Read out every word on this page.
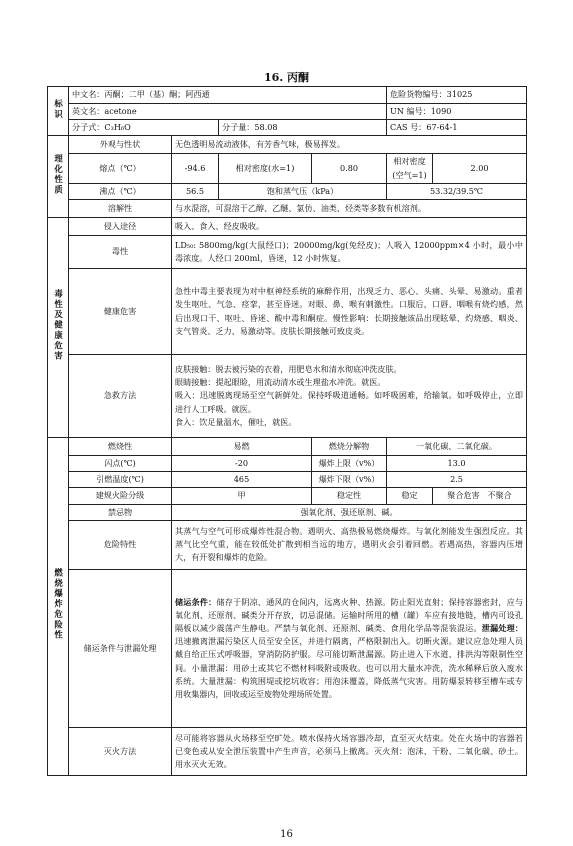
16. 丙酮
标识	中文名：丙酮；二甲（基）酮；阿西通				危险货物编号：31025	
	英文名：acetone				UN 编号：1090	
	分子式：C₃H₆O		分子量：58.08		CAS 号：67-64-1	
理化性质	外观与性状	无色透明易流动液体，有芳香气味，极易挥发。				
	熔点（℃）	-94.6	相对密度(水=1)	0.80	相对密度(空气=1)	2.00
	沸点（℃）	56.5	饱和蒸气压（kPa）		53.32/39.5℃	
	溶解性	与水混溶，可混溶于乙醇、乙醚、氯仿、油类、烃类等多数有机溶剂。				
毒性及健康危害	侵入途径	吸入、食入、经皮吸收。				
	毒性	LD₅₀: 5800mg/kg(大鼠经口)；20000mg/kg(兔经皮)；人吸入 12000ppm×4 小时，最小中毒浓度。人经口 200ml，昏迷，12 小时恢复。				
	健康危害	急性中毒主要表现为对中枢神经系统的麻醉作用，出现乏力、恶心、头痛、头晕、易激动。重者发生呕吐、气急、痉挛，甚至昏迷。对眼、鼻、喉有刺激性。口服后，口唇、咽喉有烧灼感，然后出现口干、呕吐、昏迷、酸中毒和酮症。慢性影响：长期接触该品出现眩晕、灼烧感、咽炎、支气管炎、乏力、易激动等。皮肤长期接触可致皮炎。				
	急救方法	皮肤接触：脱去被污染的衣着，用肥皂水和清水彻底冲洗皮肤。
眼睛接触：提起眼睑，用流动清水或生理盐水冲洗。就医。
吸入：迅速脱离现场至空气新鲜处。保持呼吸道通畅。如呼吸困难，给输氧。如呼吸停止，立即进行人工呼吸。就医。
食入：饮足量温水，催吐，就医。				

燃烧爆炸危险性	燃烧性	易燃		燃烧分解物	一氧化碳、二氧化碳。	
	闪点(℃)	-20		爆炸上限（v%）	13.0	
	引燃温度(℃)	465		爆炸下限（v%）	2.5	
	建规火险分级	甲		稳定性	稳定	聚合危害 不聚合
	禁忌物	强氧化剂、强还原剂、碱。				
	危险特性	其蒸气与空气可形成爆炸性混合物。遇明火、高热极易燃烧爆炸。与氧化剂能发生强烈反应。其蒸气比空气重，能在较低处扩散到相当远的地方，遇明火会引着回燃。若遇高热，容器内压增大，有开裂和爆炸的危险。				
	储运条件与泄漏处理	储运条件：储存于阴凉、通风的仓间内，远离火种、热源。防止阳光直射；保持容器密封，应与氧化剂、还原剂、碱类分开存放，切忌混储。运输时所用的槽（罐）车应有接地链，槽内可设孔隔板以减少震荡产生静电。严禁与氧化剂、还原剂、碱类、食用化学品等混装混运。泄漏处理：迅速撤离泄漏污染区人员至安全区，并进行隔离，严格限制出入。切断火源。建议应急处理人员戴自给正压式呼吸器，穿消防防护服。尽可能切断泄漏源。防止进入下水道、排洪沟等限制性空间。小量泄漏：用砂土或其它不燃材料吸附或吸收。也可以用大量水冲洗，洗水稀释后放入废水系统。大量泄漏：构筑围堤或挖坑收容；用泡沫覆盖，降低蒸气灾害。用防爆泵转移至槽车或专用收集器内，回收或运至废物处理场所处置。				
	灭火方法	尽可能将容器从火场移至空旷处。喷水保持火场容器冷却，直至灭火结束。处在火场中的容器若已变色或从安全泄压装置中产生声音，必须马上撤离。灭火剂：泡沫、干粉、二氧化碳、砂土。用水灭火无效。				
16
